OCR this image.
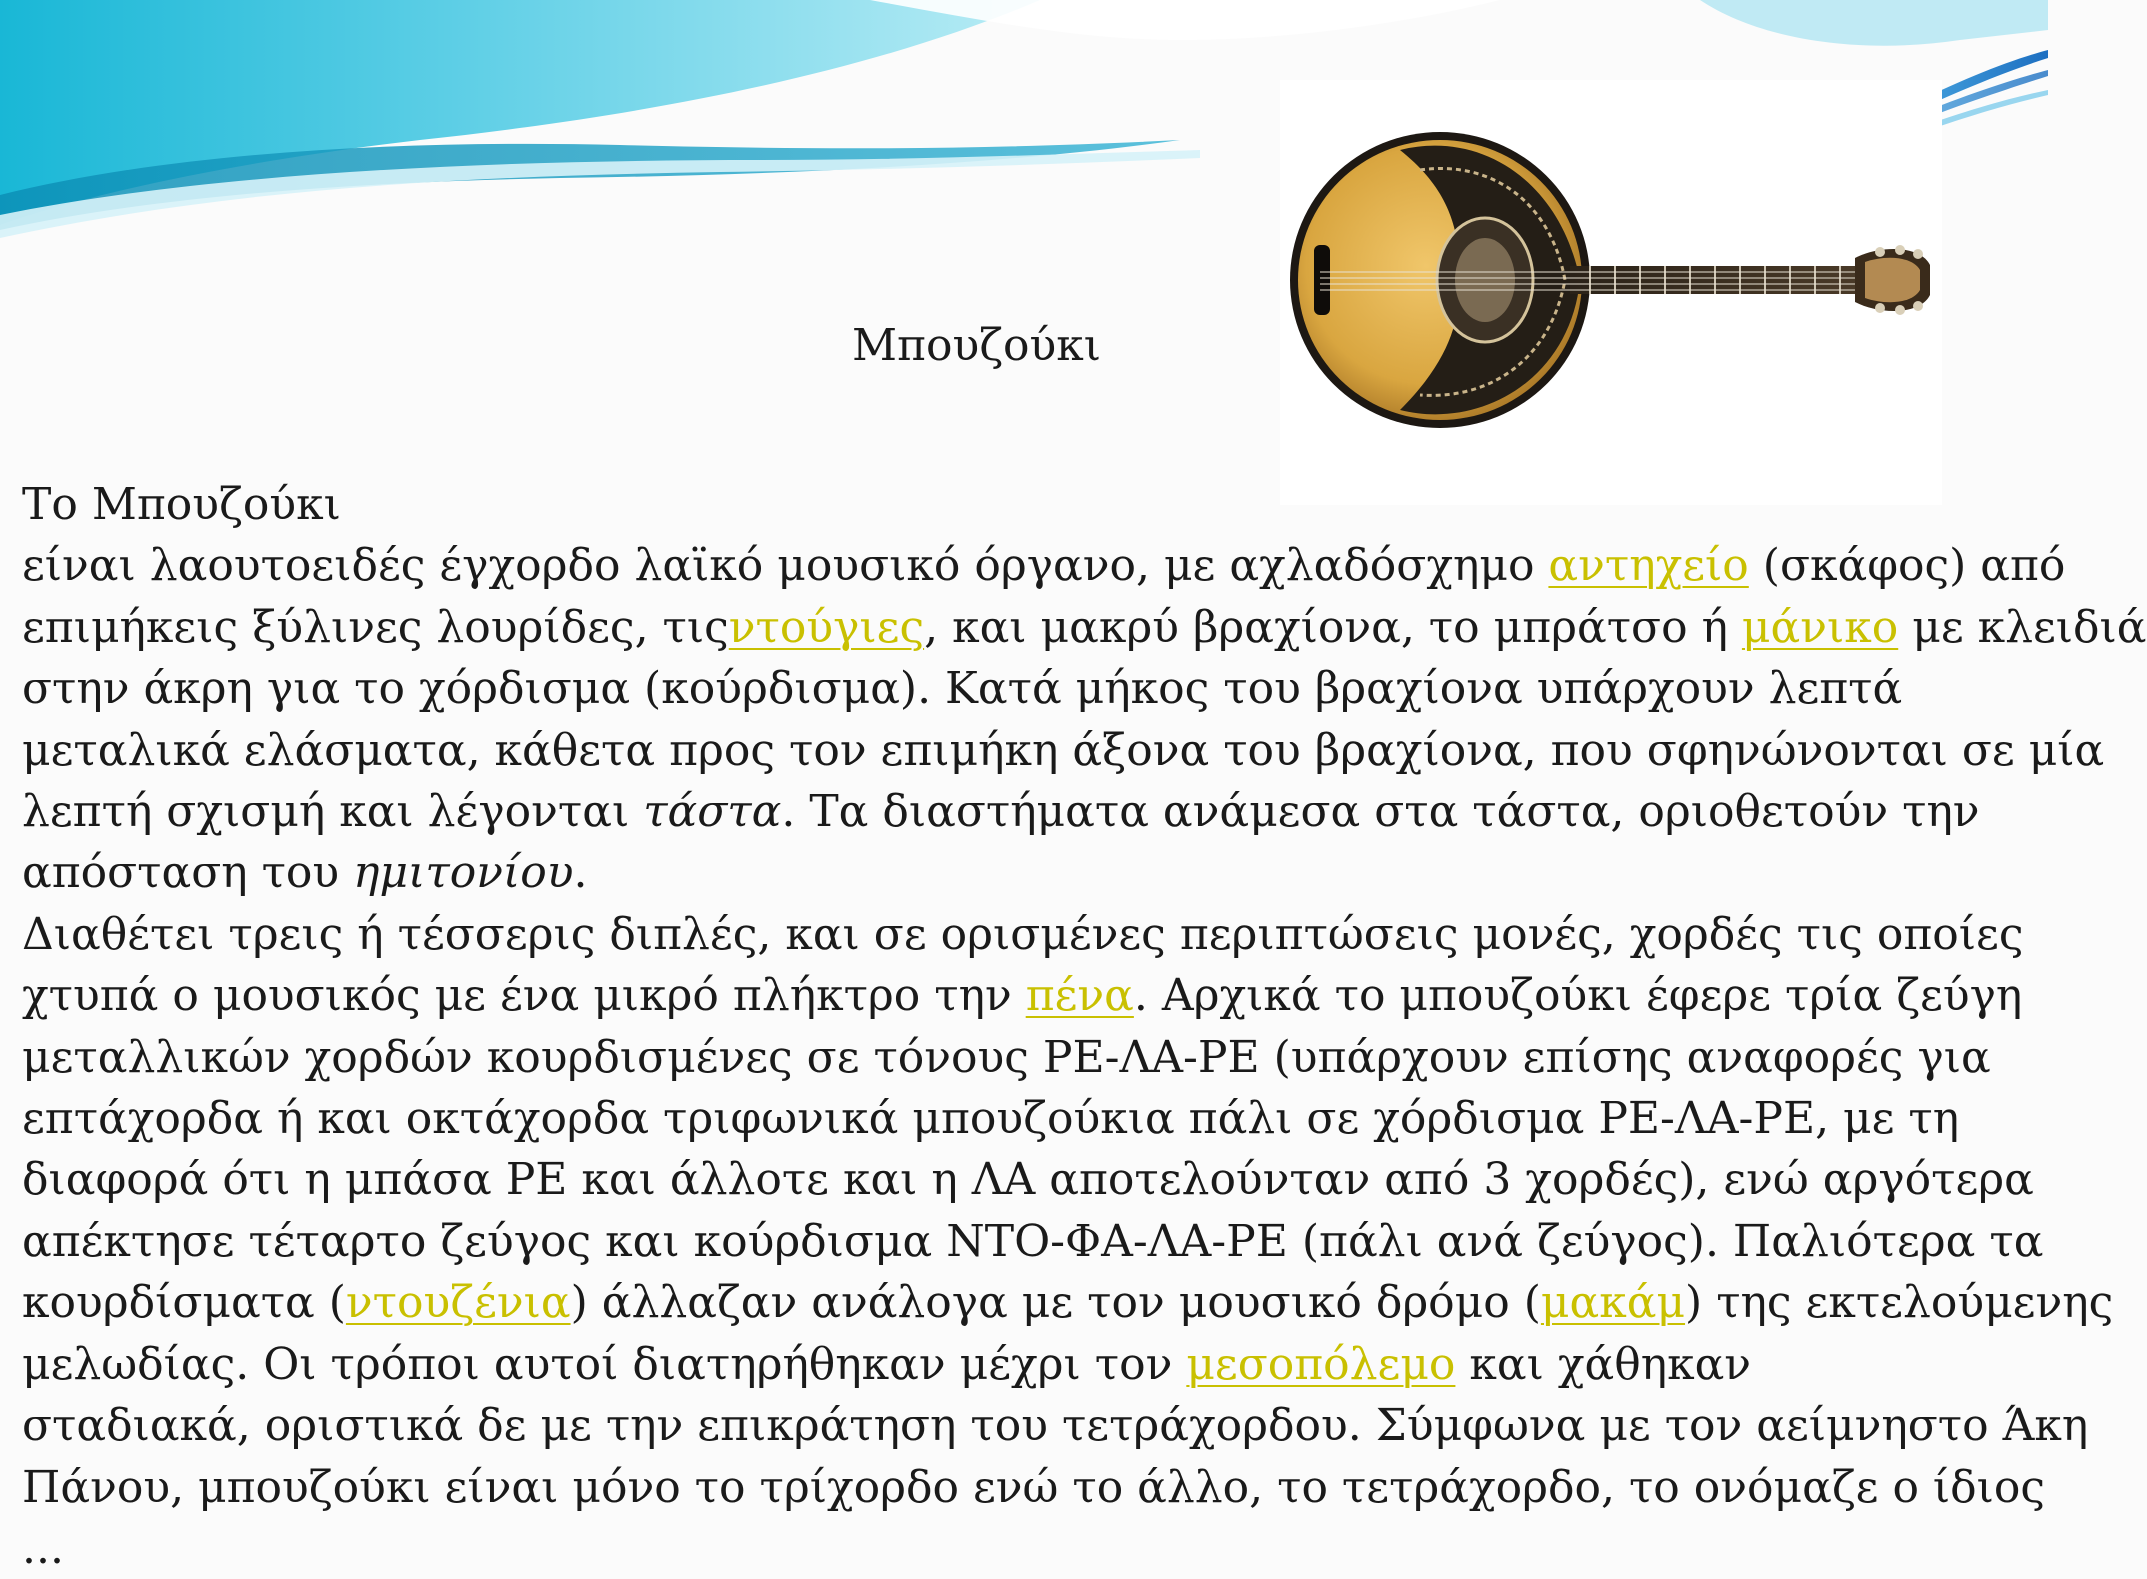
Μπουζούκι
Το Μπουζούκι
είναι λαουτοειδές έγχορδο λαϊκό μουσικό όργανο, με αχλαδόσχημο αντηχείο (σκάφος) από
επιμήκεις ξύλινες λουρίδες, τιςντούγιες, και μακρύ βραχίονα, το μπράτσο ή μάνικο με κλειδιά
στην άκρη για το χόρδισμα (κούρδισμα). Κατά μήκος του βραχίονα υπάρχουν λεπτά
μεταλικά ελάσματα, κάθετα προς τον επιμήκη άξονα του βραχίονα, που σφηνώνονται σε μία
λεπτή σχισμή και λέγονται τάστα. Τα διαστήματα ανάμεσα στα τάστα, οριοθετούν την
απόσταση του ημιτονίου.
Διαθέτει τρεις ή τέσσερις διπλές, και σε ορισμένες περιπτώσεις μονές, χορδές τις οποίες
χτυπά ο μουσικός με ένα μικρό πλήκτρο την πένα. Αρχικά το μπουζούκι έφερε τρία ζεύγη
μεταλλικών χορδών κουρδισμένες σε τόνους ΡΕ-ΛΑ-ΡΕ (υπάρχουν επίσης αναφορές για
επτάχορδα ή και οκτάχορδα τριφωνικά μπουζούκια πάλι σε χόρδισμα ΡΕ-ΛΑ-ΡΕ, με τη
διαφορά ότι η μπάσα ΡΕ και άλλοτε και η ΛΑ αποτελούνταν από 3 χορδές), ενώ αργότερα
απέκτησε τέταρτο ζεύγος και κούρδισμα ΝΤΟ-ΦΑ-ΛΑ-ΡΕ (πάλι ανά ζεύγος). Παλιότερα τα
κουρδίσματα (ντουζένια) άλλαζαν ανάλογα με τον μουσικό δρόμο (μακάμ) της εκτελούμενης
μελωδίας. Οι τρόποι αυτοί διατηρήθηκαν μέχρι τον μεσοπόλεμο και χάθηκαν
σταδιακά, οριστικά δε με την επικράτηση του τετράχορδου. Σύμφωνα με τον αείμνηστο Άκη
Πάνου, μπουζούκι είναι μόνο το τρίχορδο ενώ το άλλο, το τετράχορδο, το ονόμαζε ο ίδιος
...
